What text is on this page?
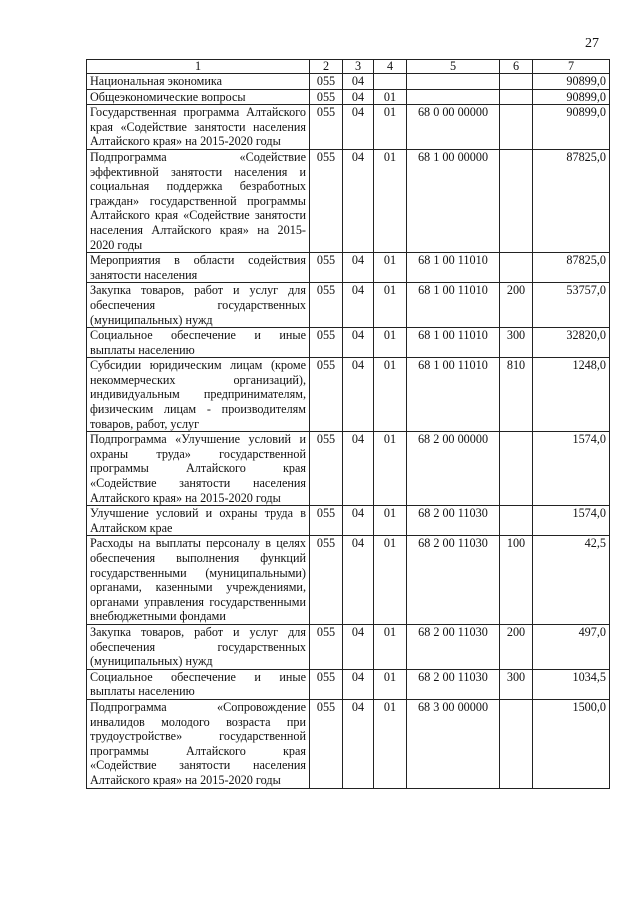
27
1	2	3	4	5	6	7
Национальная экономика	055	04				90899,0
Общеэкономические вопросы	055	04	01			90899,0
Государственная программа Алтайского края «Содействие занятости населения Алтайского края» на 2015-2020 годы	055	04	01	68 0 00 00000		90899,0
Подпрограмма «Содействие эффективной занятости населения и социальная поддержка безработных граждан» государственной программы Алтайского края «Содействие занятости населения Алтайского края» на 2015-2020 годы	055	04	01	68 1 00 00000		87825,0
Мероприятия в области содействия занятости населения	055	04	01	68 1 00 11010		87825,0
Закупка товаров, работ и услуг для обеспечения государственных (муниципальных) нужд	055	04	01	68 1 00 11010	200	53757,0
Социальное обеспечение и иные выплаты населению	055	04	01	68 1 00 11010	300	32820,0
Субсидии юридическим лицам (кроме некоммерческих организаций), индивидуальным предпринимателям, физическим лицам - производителям товаров, работ, услуг	055	04	01	68 1 00 11010	810	1248,0
Подпрограмма «Улучшение условий и охраны труда» государственной программы Алтайского края «Содействие занятости населения Алтайского края» на 2015-2020 годы	055	04	01	68 2 00 00000		1574,0
Улучшение условий и охраны труда в Алтайском крае	055	04	01	68 2 00 11030		1574,0
Расходы на выплаты персоналу в целях обеспечения выполнения функций государственными (муниципальными) органами, казенными учреждениями, органами управления государственными внебюджетными фондами	055	04	01	68 2 00 11030	100	42,5
Закупка товаров, работ и услуг для обеспечения государственных (муниципальных) нужд	055	04	01	68 2 00 11030	200	497,0
Социальное обеспечение и иные выплаты населению	055	04	01	68 2 00 11030	300	1034,5
Подпрограмма «Сопровождение инвалидов молодого возраста при трудоустройстве» государственной программы Алтайского края «Содействие занятости населения Алтайского края» на 2015-2020 годы	055	04	01	68 3 00 00000		1500,0
